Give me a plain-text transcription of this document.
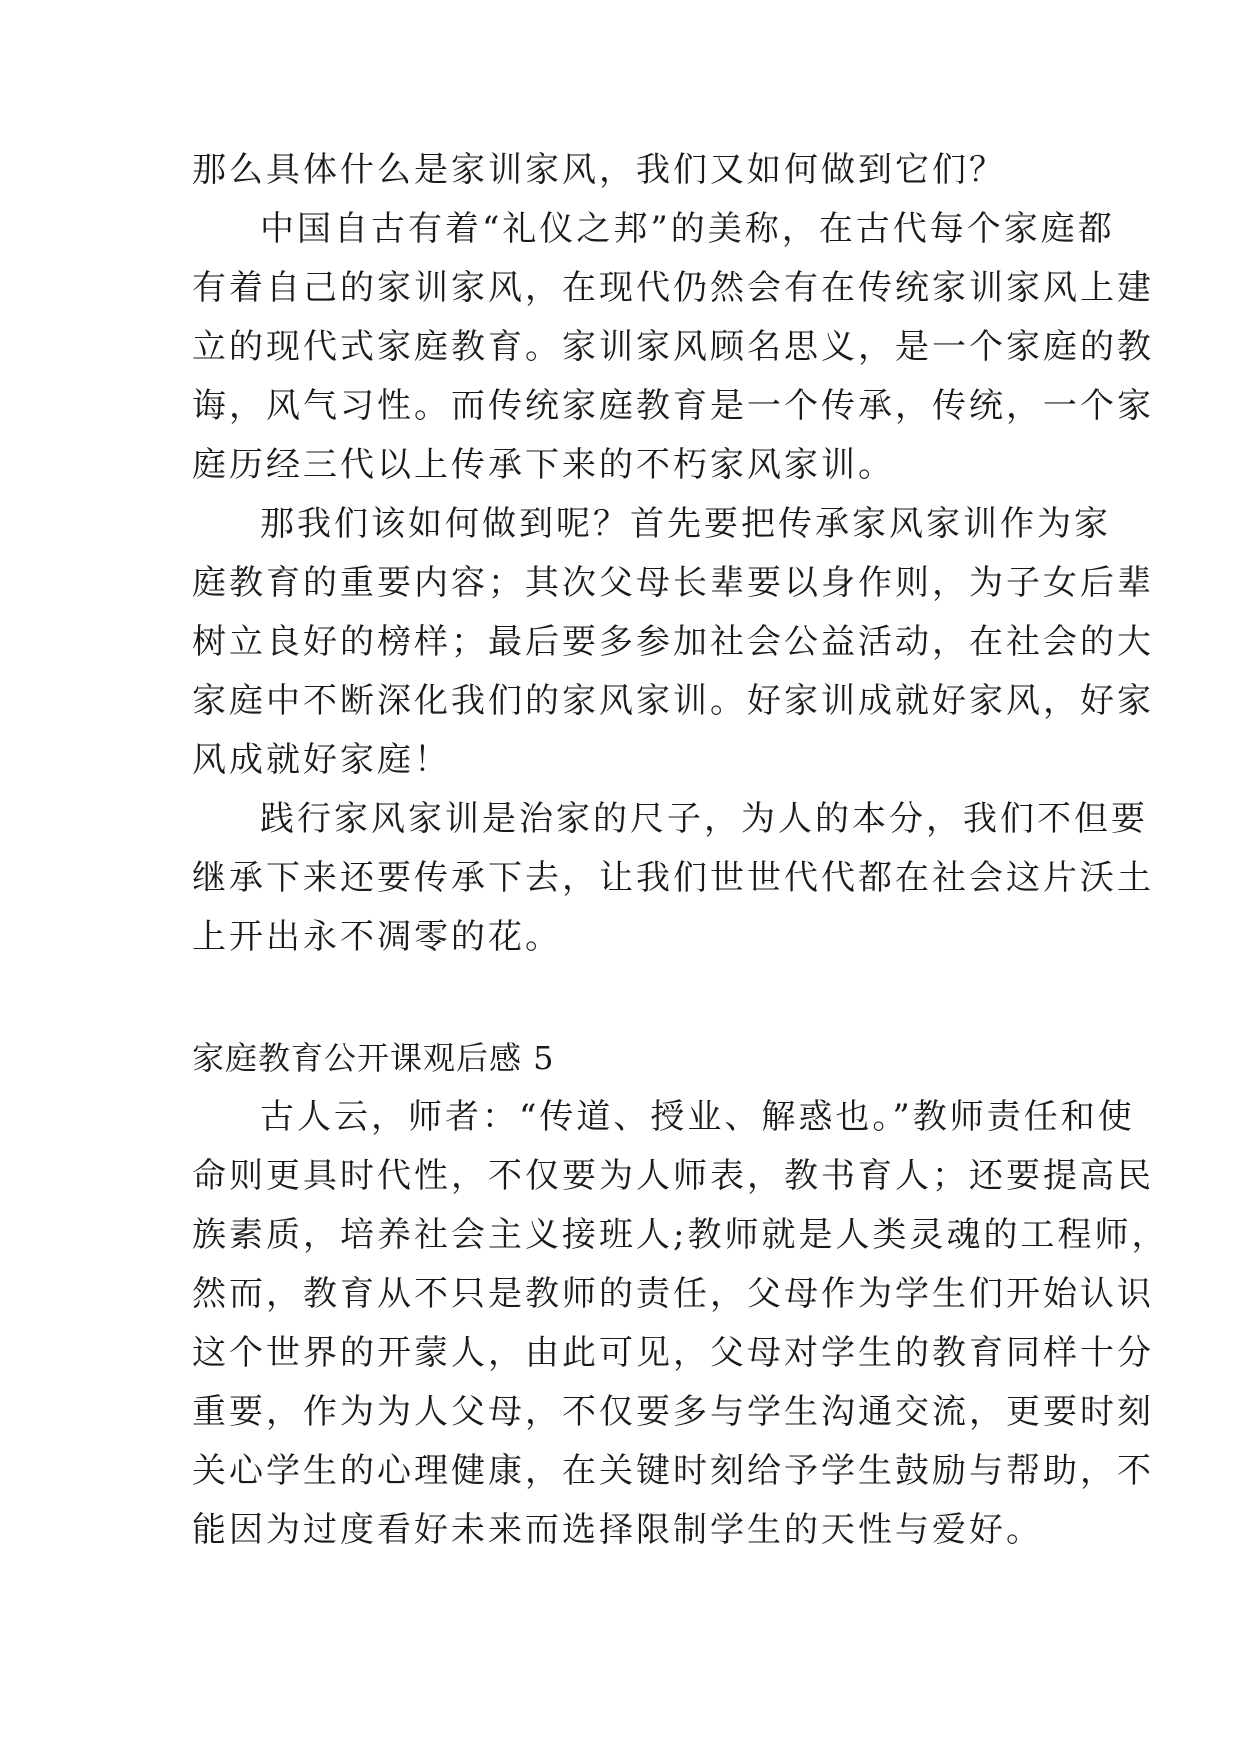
那么具体什么是家训家风，我们又如何做到它们？
中国自古有着“礼仪之邦”的美称，在古代每个家庭都
有着自己的家训家风，在现代仍然会有在传统家训家风上建
立的现代式家庭教育。家训家风顾名思义，是一个家庭的教
诲，风气习性。而传统家庭教育是一个传承，传统，一个家
庭历经三代以上传承下来的不朽家风家训。
那我们该如何做到呢？首先要把传承家风家训作为家
庭教育的重要内容；其次父母长辈要以身作则，为子女后辈
树立良好的榜样；最后要多参加社会公益活动，在社会的大
家庭中不断深化我们的家风家训。好家训成就好家风，好家
风成就好家庭！
践行家风家训是治家的尺子，为人的本分，我们不但要
继承下来还要传承下去，让我们世世代代都在社会这片沃土
上开出永不凋零的花。
家庭教育公开课观后感 5
古人云，师者：“传道、授业、解惑也。”教师责任和使
命则更具时代性，不仅要为人师表，教书育人；还要提高民
族素质，培养社会主义接班人;教师就是人类灵魂的工程师，
然而，教育从不只是教师的责任，父母作为学生们开始认识
这个世界的开蒙人，由此可见，父母对学生的教育同样十分
重要，作为为人父母，不仅要多与学生沟通交流，更要时刻
关心学生的心理健康，在关键时刻给予学生鼓励与帮助，不
能因为过度看好未来而选择限制学生的天性与爱好。
